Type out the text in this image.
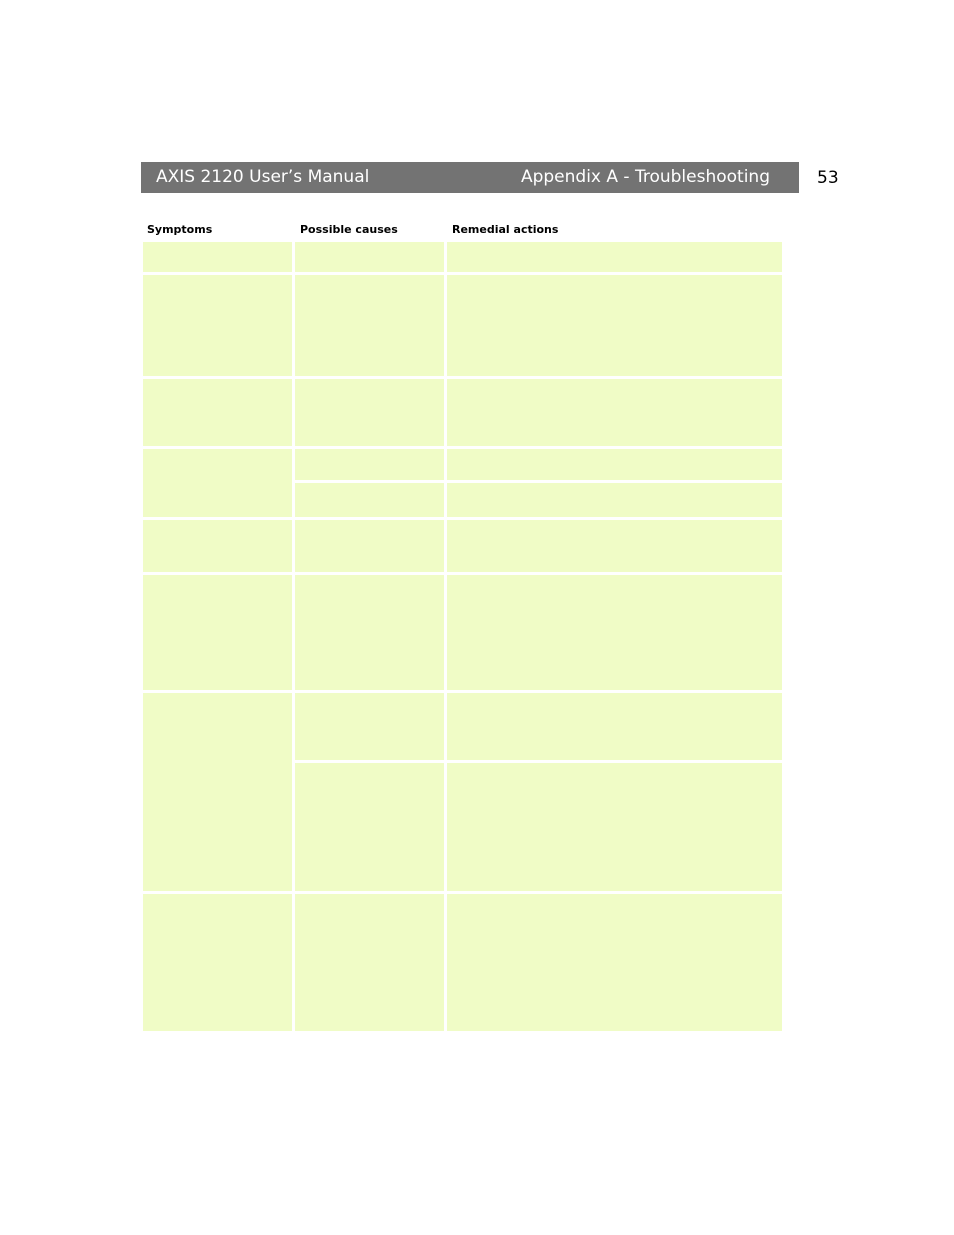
AXIS 2120 User’s Manual	Appendix A - Troubleshooting	53
Symptoms	Possible causes	Remedial actions
